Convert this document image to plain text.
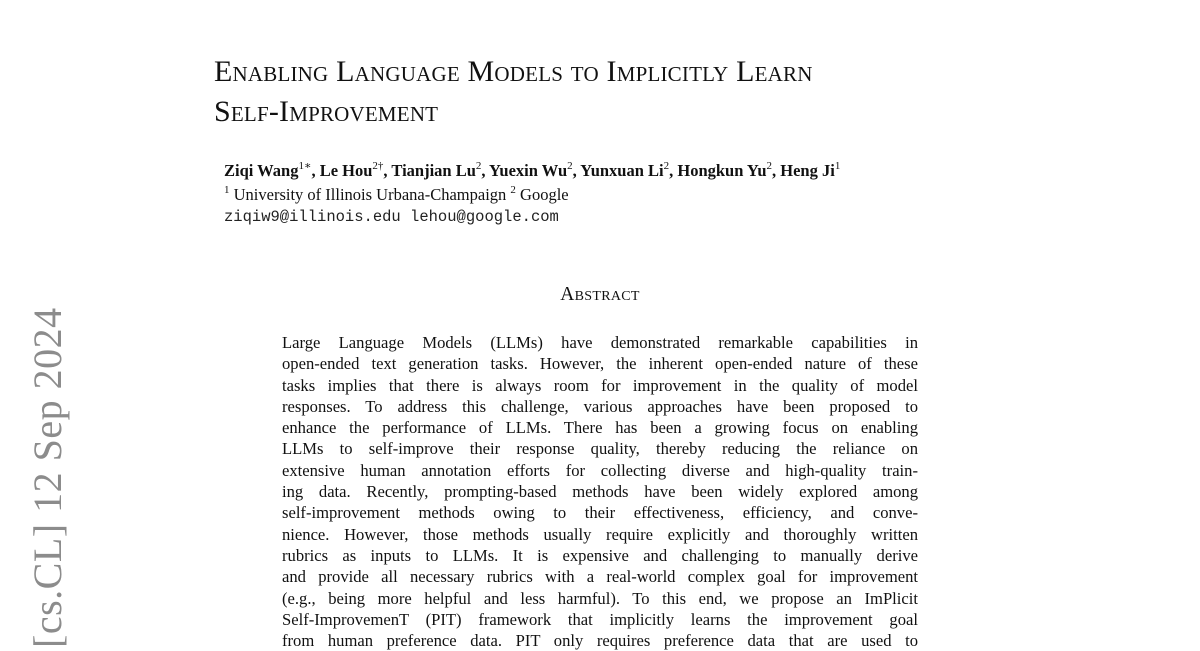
Enabling Language Models to Implicitly Learn
Self-Improvement
Ziqi Wang$^{1∗}$, Le Hou$^{2\dagger}$, Tianjian Lu$^2$, Yuexin Wu$^2$, Yunxuan Li$^2$, Hongkun Yu$^2$, Heng Ji$^1$
$^1$ University of Illinois Urbana-Champaign $^2$ Google
ziqiw9@illinois.edu lehou@google.com
Abstract
Large Language Models (LLMs) have demonstrated remarkable capabilities in
open-ended text generation tasks. However, the inherent open-ended nature of these
tasks implies that there is always room for improvement in the quality of model
responses. To address this challenge, various approaches have been proposed to
enhance the performance of LLMs. There has been a growing focus on enabling
LLMs to self-improve their response quality, thereby reducing the reliance on
extensive human annotation efforts for collecting diverse and high-quality train-
ing data. Recently, prompting-based methods have been widely explored among
self-improvement methods owing to their effectiveness, efficiency, and conve-
nience. However, those methods usually require explicitly and thoroughly written
rubrics as inputs to LLMs. It is expensive and challenging to manually derive
and provide all necessary rubrics with a real-world complex goal for improvement
(e.g., being more helpful and less harmful). To this end, we propose an ImPlicit
Self-ImprovemenT (PIT) framework that implicitly learns the improvement goal
from human preference data. PIT only requires preference data that are used to
[cs.CL] 12 Sep 2024
